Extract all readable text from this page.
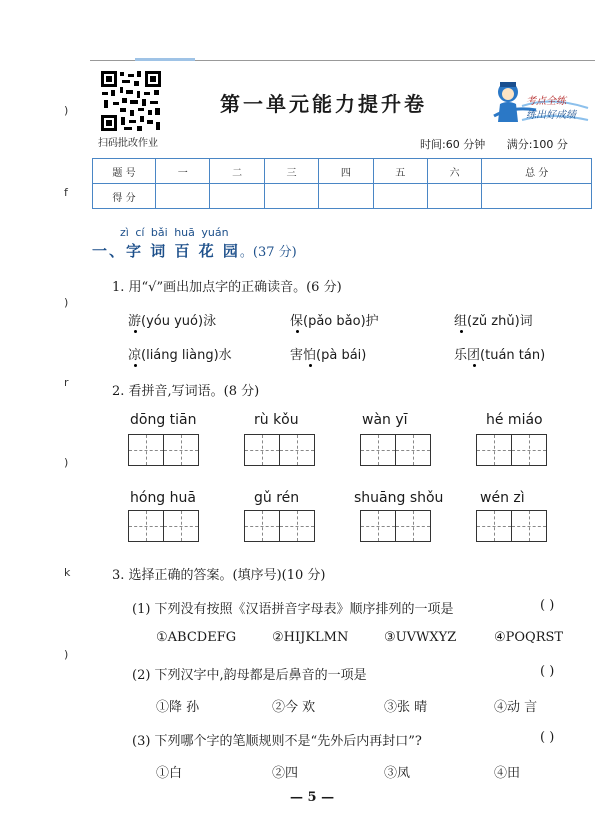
)
f
)
r
)
k
)
扫码批改作业
第一单元能力提升卷	考点全练
练出好成绩
时间:60 分钟 满分:100 分
题 号	一	二	三	四	五	六	总 分
得 分							
zì cí bǎi huā yuán
一、字 词 百 花 园。(37 分)
1. 用“√”画出加点字的正确读音。(6 分)
游(yóu yuó)泳	保(pǎo bǎo)护	组(zǔ zhǔ)词
凉(liáng liàng)水	害怕(pà bái)	乐团(tuán tán)
2. 看拼音,写词语。(8 分)
dōng tiān	rù kǒu	wàn yī	hé miáo
hóng huā	gǔ rén	shuāng shǒu	wén zì
3. 选择正确的答案。(填序号)(10 分)
(1) 下列没有按照《汉语拼音字母表》顺序排列的一项是	( )
①ABCDEFG	②HIJKLMN	③UVWXYZ	④POQRST
(2) 下列汉字中,韵母都是后鼻音的一项是	( )
①降 孙	②今 欢	③张 晴	④动 言
(3) 下列哪个字的笔顺规则不是“先外后内再封口”?	( )
①白	②四	③凤	④田
— 5 —
